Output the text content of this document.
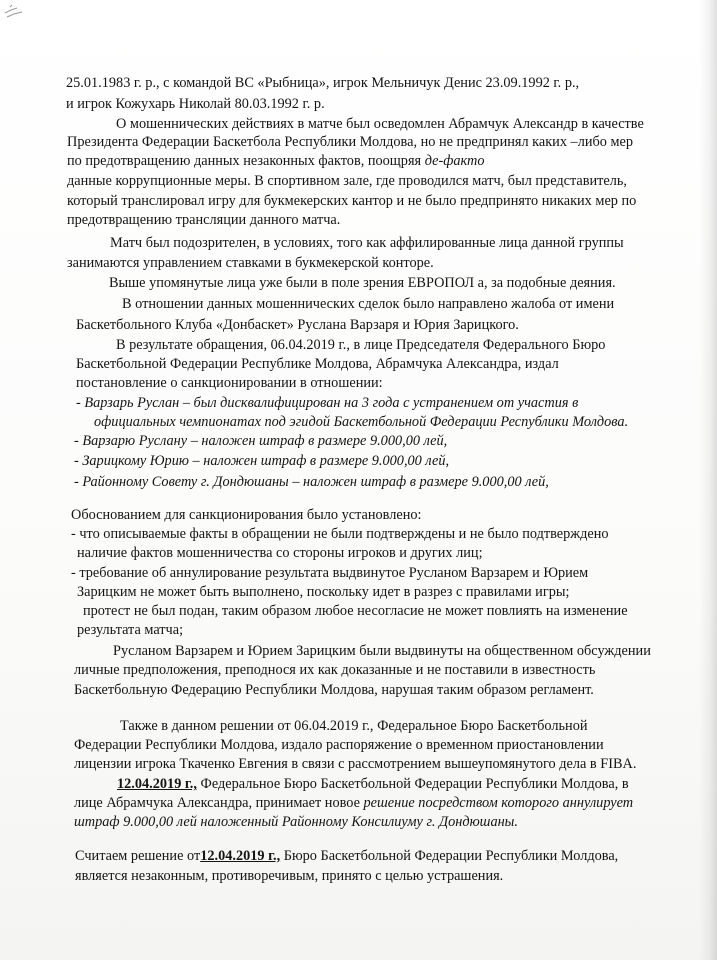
25.01.1983 г. р., с командой ВС «Рыбница», игрок Мельничук Денис 23.09.1992 г. р.,

и игрок Кожухарь Николай 80.03.1992 г. р.

О мошеннических действиях в матче был осведомлен Абрамчук Александр в качестве

Президента Федерации Баскетбола Республики Молдова, но не предпринял каких –либо мер

по предотвращению данных незаконных фактов, поощряя де-факто

данные коррупционные меры. В спортивном зале, где проводился матч, был представитель,

который транслировал игру для букмекерских кантор и не было предпринято никаких мер по

предотвращению трансляции данного матча.

Матч был подозрителен, в условиях, того как аффилированные лица данной группы

занимаются управлением ставками в букмекерской конторе.

Выше упомянутые лица уже были в поле зрения ЕВРОПОЛ а, за подобные деяния.

В отношении данных мошеннических сделок было направлено жалоба от имени

Баскетбольного Клуба «Донбаскет» Руслана Варзаря и Юрия Зарицкого.

В результате обращения, 06.04.2019 г., в лице Председателя Федерального Бюро

Баскетбольной Федерации Республике Молдова, Абрамчука Александра, издал

постановление о санкционировании в отношении:

- Варзарь Руслан – был дисквалифицирован на 3 года с устранением от участия в

официальных чемпионатах под эгидой Баскетбольной Федерации Республики Молдова.

- Варзарю Руслану – наложен штраф в размере 9.000,00 лей,

- Зарицкому Юрию – наложен штраф в размере 9.000,00 лей,

- Районному Совету г. Дондюшаны – наложен штраф в размере 9.000,00 лей,

Обоснованием для санкционирования было установлено:

- что описываемые факты в обращении не были подтверждены и не было подтверждено

наличие фактов мошенничества со стороны игроков и других лиц;

- требование об аннулирование результата выдвинутое Русланом Варзарем и Юрием

Зарицким не может быть выполнено, поскольку идет в разрез с правилами игры;

протест не был подан, таким образом любое несогласие не может повлиять на изменение

результата матча;

Русланом Варзарем и Юрием Зарицким были выдвинуты на общественном обсуждении

личные предположения, преподнося их как доказанные и не поставили в известность

Баскетбольную Федерацию Республики Молдова, нарушая таким образом регламент.

Также в данном решении от 06.04.2019 г., Федеральное Бюро Баскетбольной

Федерации Республики Молдова, издало распоряжение о временном приостановлении

лицензии игрока Ткаченко Евгения в связи с рассмотрением вышеупомянутого дела в FIBA.

12.04.2019 г., Федеральное Бюро Баскетбольной Федерации Республики Молдова, в

лице Абрамчука Александра, принимает новое решение посредством которого аннулирует

штраф 9.000,00 лей наложенный Районному Консилиуму г. Дондюшаны.

Считаем решение от12.04.2019 г., Бюро Баскетбольной Федерации Республики Молдова,

является незаконным, противоречивым, принято с целью устрашения.
